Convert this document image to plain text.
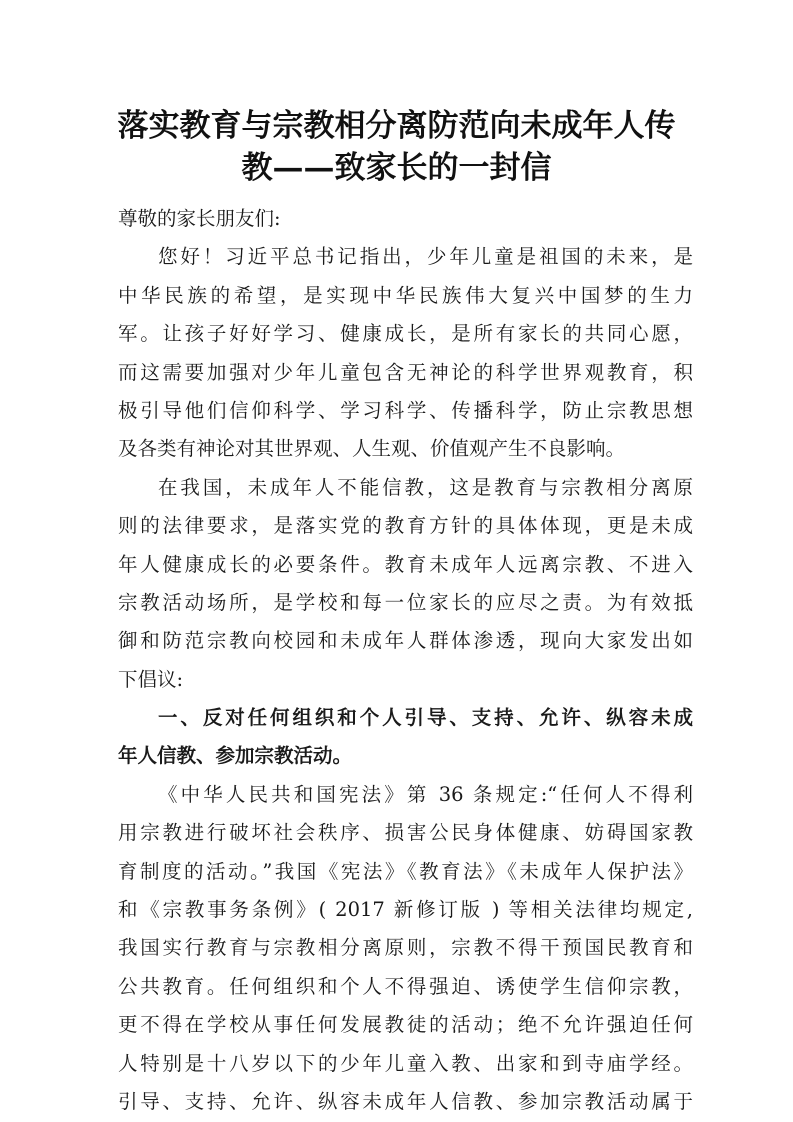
落实教育与宗教相分离防范向未成年人传
教——致家长的一封信
尊敬的家长朋友们:
您好！习近平总书记指出，少年儿童是祖国的未来，是
中华民族的希望，是实现中华民族伟大复兴中国梦的生力
军。让孩子好好学习、健康成长，是所有家长的共同心愿，
而这需要加强对少年儿童包含无神论的科学世界观教育，积
极引导他们信仰科学、学习科学、传播科学，防止宗教思想
及各类有神论对其世界观、人生观、价值观产生不良影响。
在我国，未成年人不能信教，这是教育与宗教相分离原
则的法律要求，是落实党的教育方针的具体体现，更是未成
年人健康成长的必要条件。教育未成年人远离宗教、不进入
宗教活动场所，是学校和每一位家长的应尽之责。为有效抵
御和防范宗教向校园和未成年人群体渗透，现向大家发出如
下倡议:
一、反对任何组织和个人引导、支持、允许、纵容未成
年人信教、参加宗教活动。
《中华人民共和国宪法》第 36 条规定:“任何人不得利
用宗教进行破坏社会秩序、损害公民身体健康、妨碍国家教
育制度的活动。”我国《宪法》《教育法》《未成年人保护法》
和《宗教事务条例》( 2017 新修订版 ) 等相关法律均规定,
我国实行教育与宗教相分离原则，宗教不得干预国民教育和
公共教育。任何组织和个人不得强迫、诱使学生信仰宗教，
更不得在学校从事任何发展教徒的活动；绝不允许强迫任何
人特别是十八岁以下的少年儿童入教、出家和到寺庙学经。
引导、支持、允许、纵容未成年人信教、参加宗教活动属于
